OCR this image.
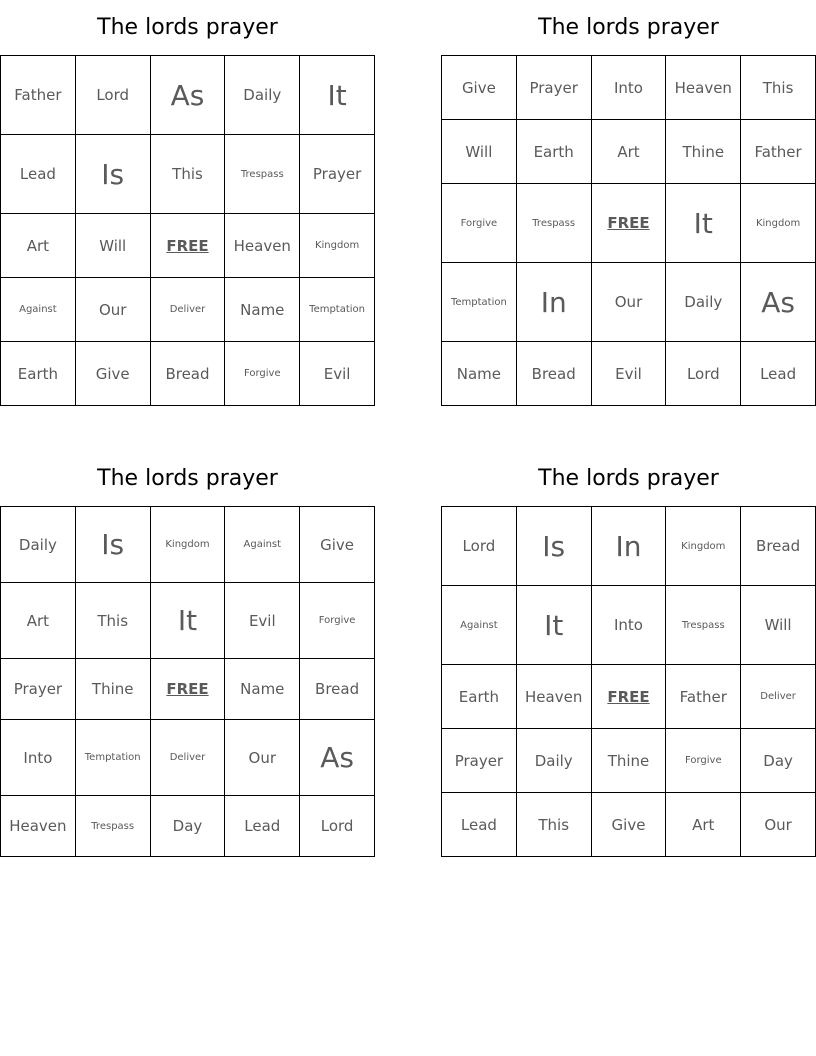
The lords prayer
Father	Lord	As	Daily	It
Lead	Is	This	Trespass	Prayer
Art	Will	FREE	Heaven	Kingdom
Against	Our	Deliver	Name	Temptation
Earth	Give	Bread	Forgive	Evil
The lords prayer
Give	Prayer	Into	Heaven	This
Will	Earth	Art	Thine	Father
Forgive	Trespass	FREE	It	Kingdom
Temptation	In	Our	Daily	As
Name	Bread	Evil	Lord	Lead
The lords prayer
Daily	Is	Kingdom	Against	Give
Art	This	It	Evil	Forgive
Prayer	Thine	FREE	Name	Bread
Into	Temptation	Deliver	Our	As
Heaven	Trespass	Day	Lead	Lord
The lords prayer
Lord	Is	In	Kingdom	Bread
Against	It	Into	Trespass	Will
Earth	Heaven	FREE	Father	Deliver
Prayer	Daily	Thine	Forgive	Day
Lead	This	Give	Art	Our
